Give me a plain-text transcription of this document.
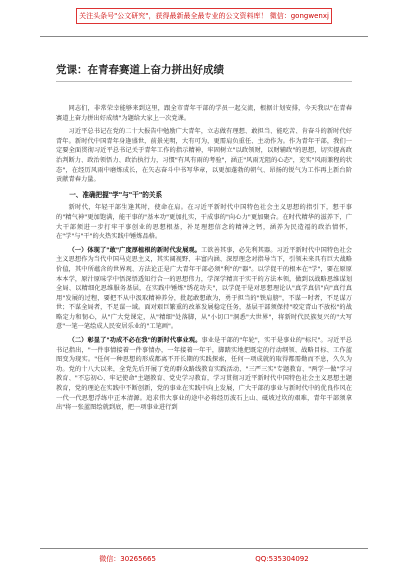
关注头条号"公文研究"，获得最新最全最专业的公文资料库！ 微信：gongwenxj
党课：在青春赛道上奋力拼出好成绩

同志们，非常荣幸能够来到这里，跟全市青年干部的学员一起交流，根据计划安排，今天我以"在青春赛道上奋力拼出好成绩"为题给大家上一次党课。

习近平总书记在党的二十大报告中勉励广大青年，立志做有理想、敢担当、能吃苦、肯奋斗的新时代好青年。新时代中国青年身逢盛世，前景光明，大有可为，更需肩负重任、主动作为。作为青年干部，我们一定要全面贯彻习近平总书记关于青年工作的指示精神，牢固树立"以政领财，以财辅政"的思想，切实提高政治判断力、政治领悟力、政治执行力，习惯"有风有雨的考验"，涵正"风雨无阻的心态"，充实"风雨兼程的状态"，在经历风雨中磨炼成长，在矢志奋斗中书写华章，以更加蓬勃的朝气、昂扬的锐气为工作再上新台阶贡献青春力量。

一、准确把握"学"与"干"的关系

新时代，年轻干部生逢其时，使命在肩。在习近平新时代中国特色社会主义思想的指引下，想干事的"精气神"更加饱满，能干事的"基本功"更加扎实，干成事的"向心力"更加聚合。在时代精华的滋养下，广大干部须进一步打牢干事创业的思想根基，补足理想信念的精神之钙，涵养为民造福的政治情怀，在"学"与"干"的火热实践中锤炼品格。

（一）体现了"敢"广度厚植根的新时代发展观。工欲善其事，必先利其器。习近平新时代中国特色社会主义思想作为当代中国马克思主义，其实阔视野、丰富内涵、深厚理念对指导当下，引领未来具有巨大战略价值，其中所蕴含的世界观、方法论正是广大青年干部必须"利"的"器"。以学促干的根本在"学"，要在原原本本学，原汁原味学中悟深悟透知行合一的思想伟力，学深学精言于实干的方法本领，做到以战略思维谋划全局、以精细化思维服务基层，在实践中锤炼"绣花功夫"，以学促干是对思想理论认"真学真信"向"真行真用"发展的过程，要把不从中汲取精神养分，批起敢想敢为，勇于担当的"铁肩膀"，不谋一时者，不足谋万世；不谋全局者，不足谋一域。面对艰巨繁重的改革发展稳定任务，基层干部须保持"咬定青山不放松"的战略定力和韧心，从"广大党课定，从"精细"处落脚，从"小切口"洞悉"大世界"，将新时代民族复兴的"大写意"一笔一笔绘成人民安居乐业的"工笔画"。

（二）彰显了"功成不必在我"的新时代事业观。事业是干部的"年轮"，实干是事业的"标尺"。习近平总书记指出，"一件事情接着一件事情办，一年接着一年干，脚踏实地把既定的行动纲领、战略目标、工作蓝图变为现实。"任何一种思想的形成都离不开长期的实践探索，任何一项成就的取得都需勤而不息，久久为功。党的十八大以来，全党先后开展了党的群众路线教育实践活动、"三严三实"专题教育、"两学一做"学习教育、"不忘初心、牢记使命"主题教育、党史学习教育，学习贯彻习近平新时代中国特色社会主义思想主题教育，党的理论在实践中不断创新，党的事业在实践中向上发展，广大干部的事业与新时代中的优良作风在一代一代思想浮练中正本清源。追求伟大事业的途中必将经历波石上山、砥坡过坎的艰难，青年干部须拿出"将一张蓝图绘就到底，把一项事业进行到

微信：30265665	QQ:535304092
